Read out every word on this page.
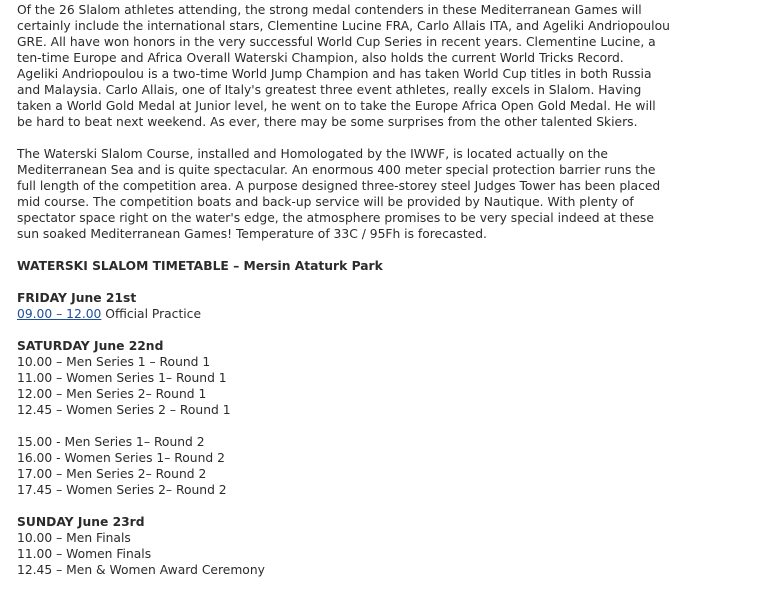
Of the 26 Slalom athletes attending, the strong medal contenders in these Mediterranean Games will

certainly include the international stars, Clementine Lucine FRA, Carlo Allais ITA, and Ageliki Andriopoulou

GRE. All have won honors in the very successful World Cup Series in recent years. Clementine Lucine, a

ten-time Europe and Africa Overall Waterski Champion, also holds the current World Tricks Record.

Ageliki Andriopoulou is a two-time World Jump Champion and has taken World Cup titles in both Russia

and Malaysia. Carlo Allais, one of Italy's greatest three event athletes, really excels in Slalom. Having

taken a World Gold Medal at Junior level, he went on to take the Europe Africa Open Gold Medal. He will

be hard to beat next weekend. As ever, there may be some surprises from the other talented Skiers.

The Waterski Slalom Course, installed and Homologated by the IWWF, is located actually on the

Mediterranean Sea and is quite spectacular. An enormous 400 meter special protection barrier runs the

full length of the competition area. A purpose designed three-storey steel Judges Tower has been placed

mid course. The competition boats and back-up service will be provided by Nautique. With plenty of

spectator space right on the water's edge, the atmosphere promises to be very special indeed at these

sun soaked Mediterranean Games! Temperature of 33C / 95Fh is forecasted.

WATERSKI SLALOM TIMETABLE – Mersin Ataturk Park

FRIDAY June 21st

09.00 – 12.00 Official Practice

SATURDAY June 22nd

10.00 – Men Series 1 – Round 1

11.00 – Women Series 1– Round 1

12.00 – Men Series 2– Round 1

12.45 – Women Series 2 – Round 1

15.00 - Men Series 1– Round 2

16.00 - Women Series 1– Round 2

17.00 – Men Series 2– Round 2

17.45 – Women Series 2– Round 2

SUNDAY June 23rd

10.00 – Men Finals

11.00 – Women Finals

12.45 – Men & Women Award Ceremony
